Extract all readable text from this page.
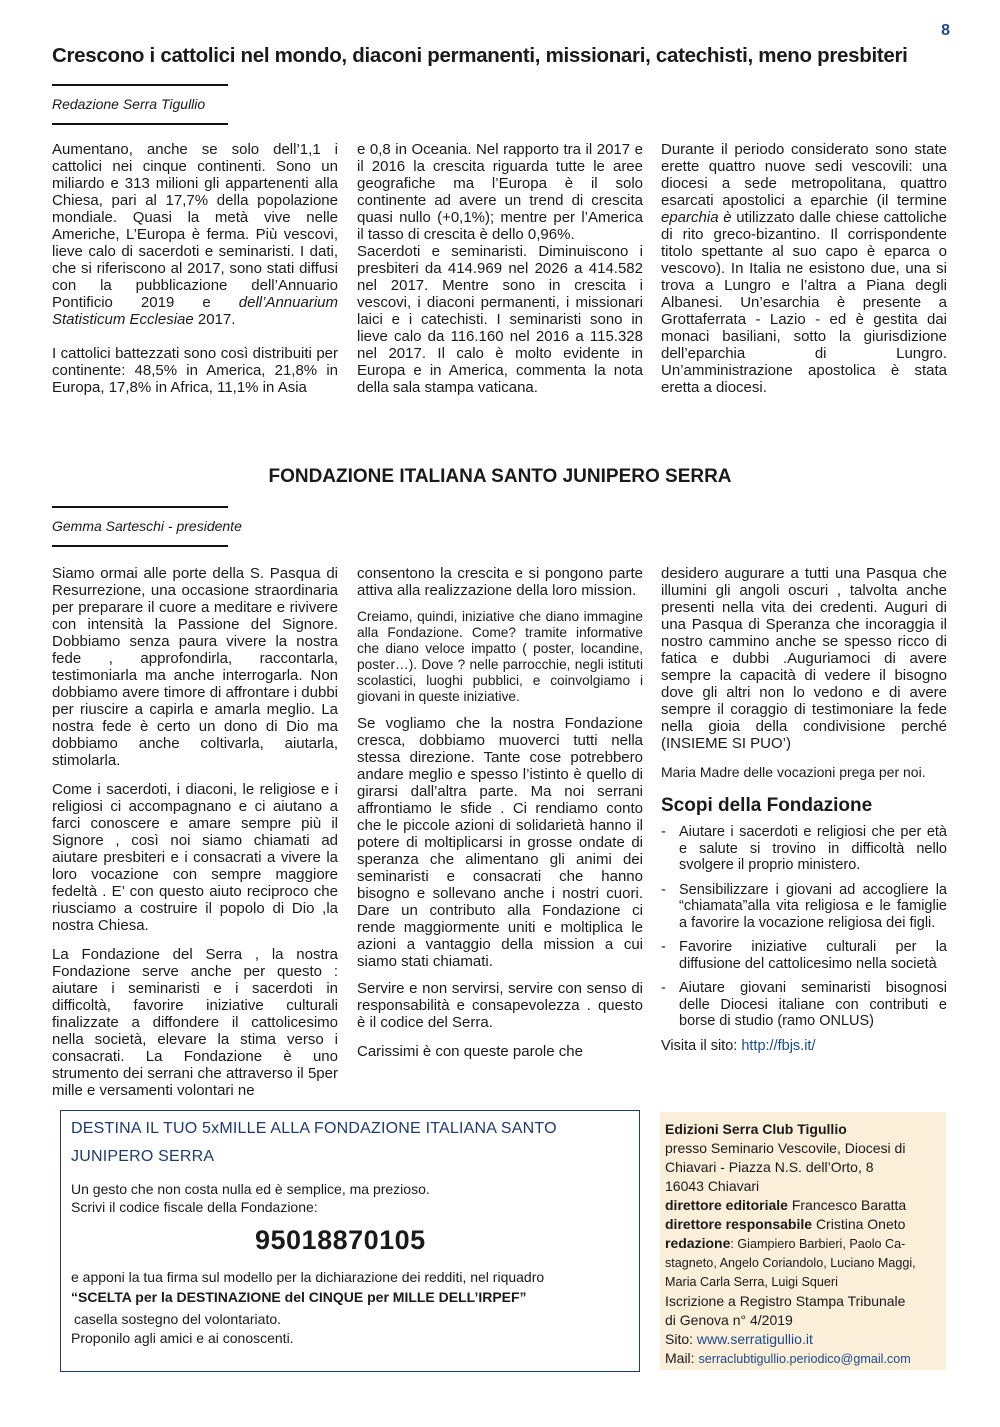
8
Crescono i cattolici nel mondo, diaconi permanenti, missionari, catechisti, meno presbiteri
Redazione Serra Tigullio

Aumentano, anche se solo dell’1,1 i cattolici nei cinque continenti. Sono un miliardo e 313 milioni gli appartenenti alla Chiesa, pari al 17,7% della popolazione mondiale. Quasi la metà vive nelle Americhe, L’Europa è ferma. Più vescovi, lieve calo di sacerdoti e seminaristi. I dati, che si riferiscono al 2017, sono stati diffusi con la pubblicazione dell’Annuario Pontificio 2019 e dell’Annuarium Statisticum Ecclesiae 2017.

I cattolici battezzati sono così distribuiti per continente: 48,5% in America, 21,8% in Europa, 17,8% in Africa, 11,1% in Asia

e 0,8 in Oceania. Nel rapporto tra il 2017 e il 2016 la crescita riguarda tutte le aree geografiche ma l’Europa è il solo continente ad avere un trend di crescita quasi nullo (+0,1%); mentre per l’America il tasso di crescita è dello 0,96%.

Sacerdoti e seminaristi. Diminuiscono i presbiteri da 414.969 nel 2026 a 414.582 nel 2017. Mentre sono in crescita i vescovi, i diaconi permanenti, i missionari laici e i catechisti. I seminaristi sono in lieve calo da 116.160 nel 2016 a 115.328 nel 2017. Il calo è molto evidente in Europa e in America, commenta la nota della sala stampa vaticana.

Durante il periodo considerato sono state erette quattro nuove sedi vescovili: una diocesi a sede metropolitana, quattro esarcati apostolici a eparchie (il termine eparchia è utilizzato dalle chiese cattoliche di rito greco-bizantino. Il corrispondente titolo spettante al suo capo è eparca o vescovo). In Italia ne esistono due, una si trova a Lungro e l’altra a Piana degli Albanesi. Un’esarchia è presente a Grottaferrata - Lazio - ed è gestita dai monaci basiliani, sotto la giurisdizione dell’eparchia di Lungro. Un’amministrazione apostolica è stata eretta a diocesi.

FONDAZIONE ITALIANA SANTO JUNIPERO SERRA
Gemma Sarteschi - presidente

Siamo ormai alle porte della S. Pasqua di Resurrezione, una occasione straordinaria per preparare il cuore a meditare e rivivere con intensità la Passione del Signore. Dobbiamo senza paura vivere la nostra fede , approfondirla, raccontarla, testimoniarla ma anche interrogarla. Non dobbiamo avere timore di affrontare i dubbi per riuscire a capirla e amarla meglio. La nostra fede è certo un dono di Dio ma dobbiamo anche coltivarla, aiutarla, stimolarla.

Come i sacerdoti, i diaconi, le religiose e i religiosi ci accompagnano e ci aiutano a farci conoscere e amare sempre più il Signore , così noi siamo chiamati ad aiutare presbiteri e i consacrati a vivere la loro vocazione con sempre maggiore fedeltà . E’ con questo aiuto reciproco che riusciamo a costruire il popolo di Dio ,la nostra Chiesa.

La Fondazione del Serra , la nostra Fondazione serve anche per questo : aiutare i seminaristi e i sacerdoti in difficoltà, favorire iniziative culturali finalizzate a diffondere il cattolicesimo nella società, elevare la stima verso i consacrati. La Fondazione è uno strumento dei serrani che attraverso il 5per mille e versamenti volontari ne

consentono la crescita e si pongono parte attiva alla realizzazione della loro mission.

Creiamo, quindi, iniziative che diano immagine alla Fondazione. Come? tramite informative che diano veloce impatto ( poster, locandine, poster…). Dove ? nelle parrocchie, negli istituti scolastici, luoghi pubblici, e coinvolgiamo i giovani in queste iniziative.

Se vogliamo che la nostra Fondazione cresca, dobbiamo muoverci tutti nella stessa direzione. Tante cose potrebbero andare meglio e spesso l’istinto è quello di girarsi dall’altra parte. Ma noi serrani affrontiamo le sfide . Ci rendiamo conto che le piccole azioni di solidarietà hanno il potere di moltiplicarsi in grosse ondate di speranza che alimentano gli animi dei seminaristi e consacrati che hanno bisogno e sollevano anche i nostri cuori. Dare un contributo alla Fondazione ci rende maggiormente uniti e moltiplica le azioni a vantaggio della mission a cui siamo stati chiamati.

Servire e non servirsi, servire con senso di responsabilità e consapevolezza . questo è il codice del Serra.

Carissimi è con queste parole che

desidero augurare a tutti una Pasqua che illumini gli angoli oscuri , talvolta anche presenti nella vita dei credenti. Auguri di una Pasqua di Speranza che incoraggia il nostro cammino anche se spesso ricco di fatica e dubbi .Auguriamoci di avere sempre la capacità di vedere il bisogno dove gli altri non lo vedono e di avere sempre il coraggio di testimoniare la fede nella gioia della condivisione perché (INSIEME SI PUO’)

Maria Madre delle vocazioni prega per noi.

Scopi della Fondazione
- Aiutare i sacerdoti e religiosi che per età e salute si trovino in difficoltà nello svolgere il proprio ministero.
- Sensibilizzare i giovani ad accogliere la “chiamata”alla vita religiosa e le famiglie a favorire la vocazione religiosa dei figli.
- Favorire iniziative culturali per la diffusione del cattolicesimo nella società
- Aiutare giovani seminaristi bisognosi delle Diocesi italiane con contributi e borse di studio (ramo ONLUS)
Visita il sito: http://fbjs.it/
DESTINA IL TUO 5xMILLE ALLA FONDAZIONE ITALIANA SANTO
JUNIPERO SERRA
Un gesto che non costa nulla ed è semplice, ma prezioso.
Scrivi il codice fiscale della Fondazione:
95018870105
e apponi la tua firma sul modello per la dichiarazione dei redditi, nel riquadro
“SCELTA per la DESTINAZIONE del CINQUE per MILLE DELL’IRPEF”
casella sostegno del volontariato.
Proponilo agli amici e ai conoscenti.
Edizioni Serra Club Tigullio
presso Seminario Vescovile, Diocesi di
Chiavari - Piazza N.S. dell’Orto, 8
16043 Chiavari
direttore editoriale Francesco Baratta
direttore responsabile Cristina Oneto
redazione: Giampiero Barbieri, Paolo Ca-
stagneto, Angelo Coriandolo, Luciano Maggi,
Maria Carla Serra, Luigi Squeri
Iscrizione a Registro Stampa Tribunale
di Genova n° 4/2019
Sito: www.serratigullio.it
Mail: serraclubtigullio.periodico@gmail.com
